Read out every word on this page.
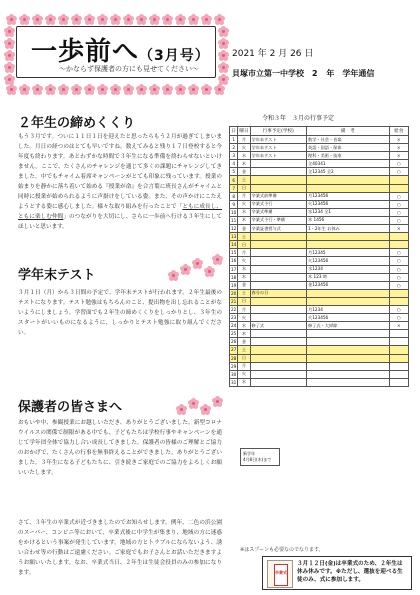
一歩前へ（3月号）
〜かならず保護者の方にも見せてください〜
2021 年 2 月 26 日
貝塚市立第一中学校　2 年　学年通信
２年生の締めくくり
もう３月です。ついに１１日１日を迎えたと思ったらもう２月が過ぎてしまいました。月日の経つのはとても早いですね。数えてみると残り１７日登校すると今年度も終わります。あとわずかな時間で３年生になる準備を終わらせないといけません。ここで、たくさんのチャレンジを通じて多くの課題にチャレンジしてきました。中でもチャイム着席キャンペーンがとても印象に残っています。授業の始まりを静かに落ち着いて始める『授業が命』を合言葉に班長さんがチャイムと同時に授業が始められるように声掛けをしている姿。また、その声かけにこたえようとする姿に感心しました。様々な取り組みを行ったことで「ともに成長し、ともに楽しむ仲間」のつながりを大切にし、さらに一歩前へ行ける３年生にしてほしいと思います。
学年末テスト
３月１日（月）から３日間の予定で、学年末テストが行われます。２年生最後のテストになります。テスト勉強はもちろんのこと、提出物を出し忘れることがないようにしましょう。学習面でも２年生の締めくくりをしっかりとし、３年生のスタートがいいものになるように、しっかりとテスト勉強に取り組んでください。
保護者の皆さまへ
おもいや中、参観授業にお越しいただき、ありがとうございました。新型コロナウイルスの関係で制限がある中でも、子どもたちは学校行事やキャンペーンを通じて学年団全体で協力し合い成長してきました。保護者の皆様のご理解とご協力のおかげで、たくさんの行事を無事終えることができました。ありがとうございました。３年生になる子どもたちに、引き続きご家庭でのご協力をよろしくお願いいたします。
さて、３年生の卒業式が近づきましたのでお知らせします。例年、二色の浜公園のスーパー、コンビニ等において、卒業式後に中学生が集まり、地域の方に迷惑をかけるという事案が発生しています。地域の方とトラブルにならないよう、誘い合わせ等の行動はご遠慮ください。ご家庭でもお子さんとお話いただきますようお願いいたします。なお、卒業式当日、２年生は生徒会役員のみの参加になります。
令和３年　３月の行事予定
日	曜日	行事予定(学校)	備　考	給食
1	月	学年末テスト	数学・社会・音楽	×
2	火	学年末テスト	英語・国語・保体	×
3	水	学年末テスト	理科・美術・技家	×
4	木		全40341	○
5	金		全12345 全2	○
6	土			
7	日			
8	月	卒業式前準備	月123456	○
9	火	卒業式予行	火123456	○
10	水	卒業式準備	水1234 全1	○
11	木	卒業式予行・準備	木 1456	○
12	金	卒業証書授与式	1・2年生 お休み	×
13	土			
14	日			
15	月		月12345	○
16	火		火123456	○
17	水		水1234	○
18	木		木 123 時	○
19	金		金123456	○
20	土	春分の日		
21	日			
22	月		月1234	○
23	火		火123456	○
24	水	修了式	修了式・大掃除	×
25	木			
26	金			
27	土			
28	日			
29	月			
30	火			
31	水			
新学年
4月8日(木)まで
※はスプーンも必要なのでなります。
卒業式
３月１２日(金)は卒業式のため、２年生は休み休みです。※ただし、選抜を迎べる生徒のみ、式に参加します。
